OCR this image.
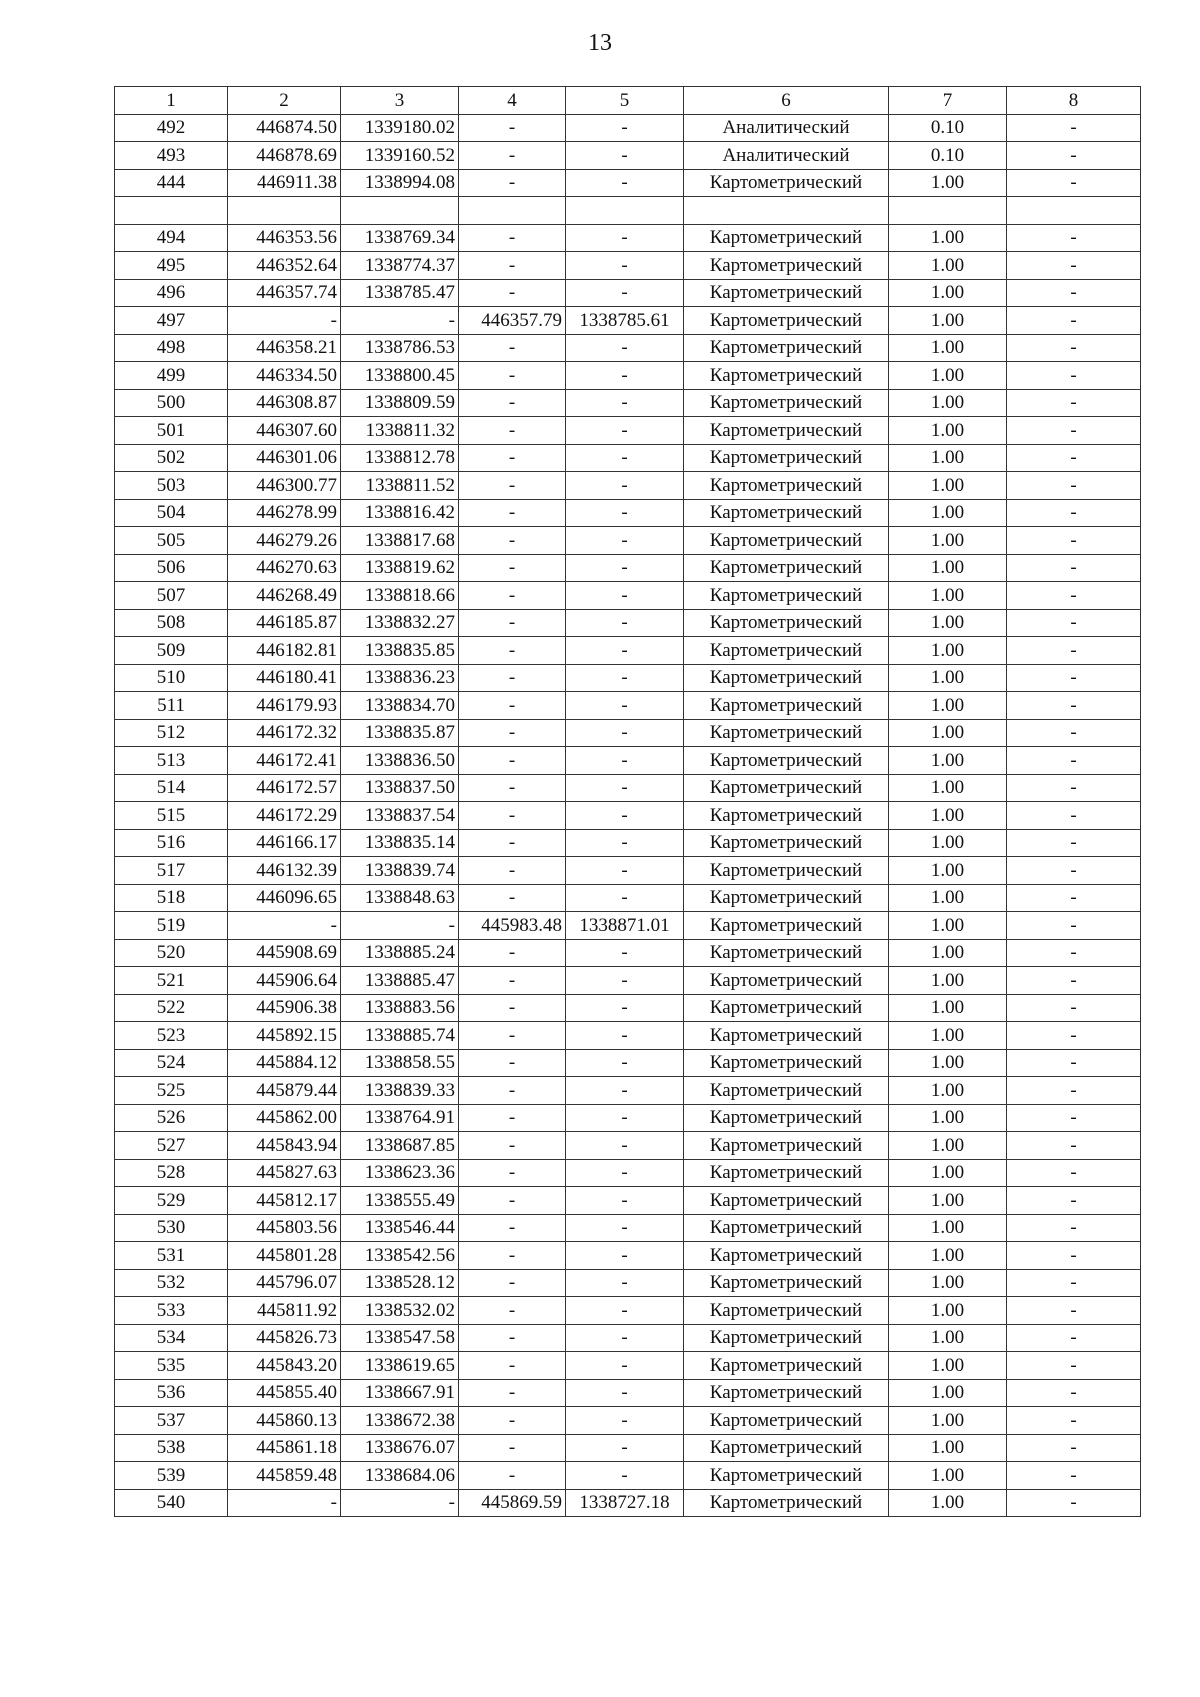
13
1	2	3	4	5	6	7	8
492	446874.50	1339180.02	-	-	Аналитический	0.10	-
493	446878.69	1339160.52	-	-	Аналитический	0.10	-
444	446911.38	1338994.08	-	-	Картометрический	1.00	-

494	446353.56	1338769.34	-	-	Картометрический	1.00	-
495	446352.64	1338774.37	-	-	Картометрический	1.00	-
496	446357.74	1338785.47	-	-	Картометрический	1.00	-
497	-	-	446357.79	1338785.61	Картометрический	1.00	-
498	446358.21	1338786.53	-	-	Картометрический	1.00	-
499	446334.50	1338800.45	-	-	Картометрический	1.00	-
500	446308.87	1338809.59	-	-	Картометрический	1.00	-
501	446307.60	1338811.32	-	-	Картометрический	1.00	-
502	446301.06	1338812.78	-	-	Картометрический	1.00	-
503	446300.77	1338811.52	-	-	Картометрический	1.00	-
504	446278.99	1338816.42	-	-	Картометрический	1.00	-
505	446279.26	1338817.68	-	-	Картометрический	1.00	-
506	446270.63	1338819.62	-	-	Картометрический	1.00	-
507	446268.49	1338818.66	-	-	Картометрический	1.00	-
508	446185.87	1338832.27	-	-	Картометрический	1.00	-
509	446182.81	1338835.85	-	-	Картометрический	1.00	-
510	446180.41	1338836.23	-	-	Картометрический	1.00	-
511	446179.93	1338834.70	-	-	Картометрический	1.00	-
512	446172.32	1338835.87	-	-	Картометрический	1.00	-
513	446172.41	1338836.50	-	-	Картометрический	1.00	-
514	446172.57	1338837.50	-	-	Картометрический	1.00	-
515	446172.29	1338837.54	-	-	Картометрический	1.00	-
516	446166.17	1338835.14	-	-	Картометрический	1.00	-
517	446132.39	1338839.74	-	-	Картометрический	1.00	-
518	446096.65	1338848.63	-	-	Картометрический	1.00	-
519	-	-	445983.48	1338871.01	Картометрический	1.00	-
520	445908.69	1338885.24	-	-	Картометрический	1.00	-
521	445906.64	1338885.47	-	-	Картометрический	1.00	-
522	445906.38	1338883.56	-	-	Картометрический	1.00	-
523	445892.15	1338885.74	-	-	Картометрический	1.00	-
524	445884.12	1338858.55	-	-	Картометрический	1.00	-
525	445879.44	1338839.33	-	-	Картометрический	1.00	-
526	445862.00	1338764.91	-	-	Картометрический	1.00	-
527	445843.94	1338687.85	-	-	Картометрический	1.00	-
528	445827.63	1338623.36	-	-	Картометрический	1.00	-
529	445812.17	1338555.49	-	-	Картометрический	1.00	-
530	445803.56	1338546.44	-	-	Картометрический	1.00	-
531	445801.28	1338542.56	-	-	Картометрический	1.00	-
532	445796.07	1338528.12	-	-	Картометрический	1.00	-
533	445811.92	1338532.02	-	-	Картометрический	1.00	-
534	445826.73	1338547.58	-	-	Картометрический	1.00	-
535	445843.20	1338619.65	-	-	Картометрический	1.00	-
536	445855.40	1338667.91	-	-	Картометрический	1.00	-
537	445860.13	1338672.38	-	-	Картометрический	1.00	-
538	445861.18	1338676.07	-	-	Картометрический	1.00	-
539	445859.48	1338684.06	-	-	Картометрический	1.00	-
540	-	-	445869.59	1338727.18	Картометрический	1.00	-
